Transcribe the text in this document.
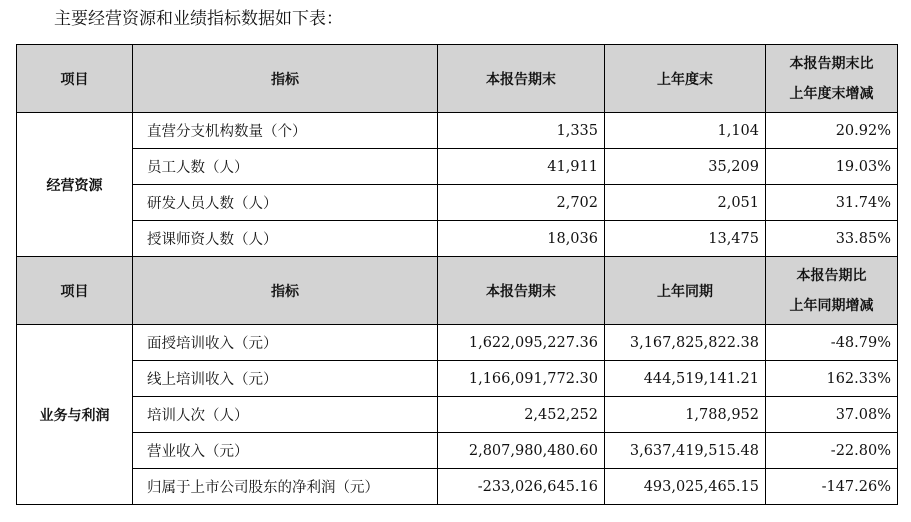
主要经营资源和业绩指标数据如下表：
项目	指标	本报告期末	上年度末	本报告期末比
上年度末增减

经营资源	直营分支机构数量（个）	1,335	1,104	20.92%
	员工人数（人）	41,911	35,209	19.03%
	研发人员人数（人）	2,702	2,051	31.74%
	授课师资人数（人）	18,036	13,475	33.85%
项目	指标	本报告期末	上年同期	本报告期比
上年同期增减

业务与利润	面授培训收入（元）	1,622,095,227.36	3,167,825,822.38	-48.79%
	线上培训收入（元）	1,166,091,772.30	444,519,141.21	162.33%
	培训人次（人）	2,452,252	1,788,952	37.08%
	营业收入（元）	2,807,980,480.60	3,637,419,515.48	-22.80%
	归属于上市公司股东的净利润（元）	-233,026,645.16	493,025,465.15	-147.26%
